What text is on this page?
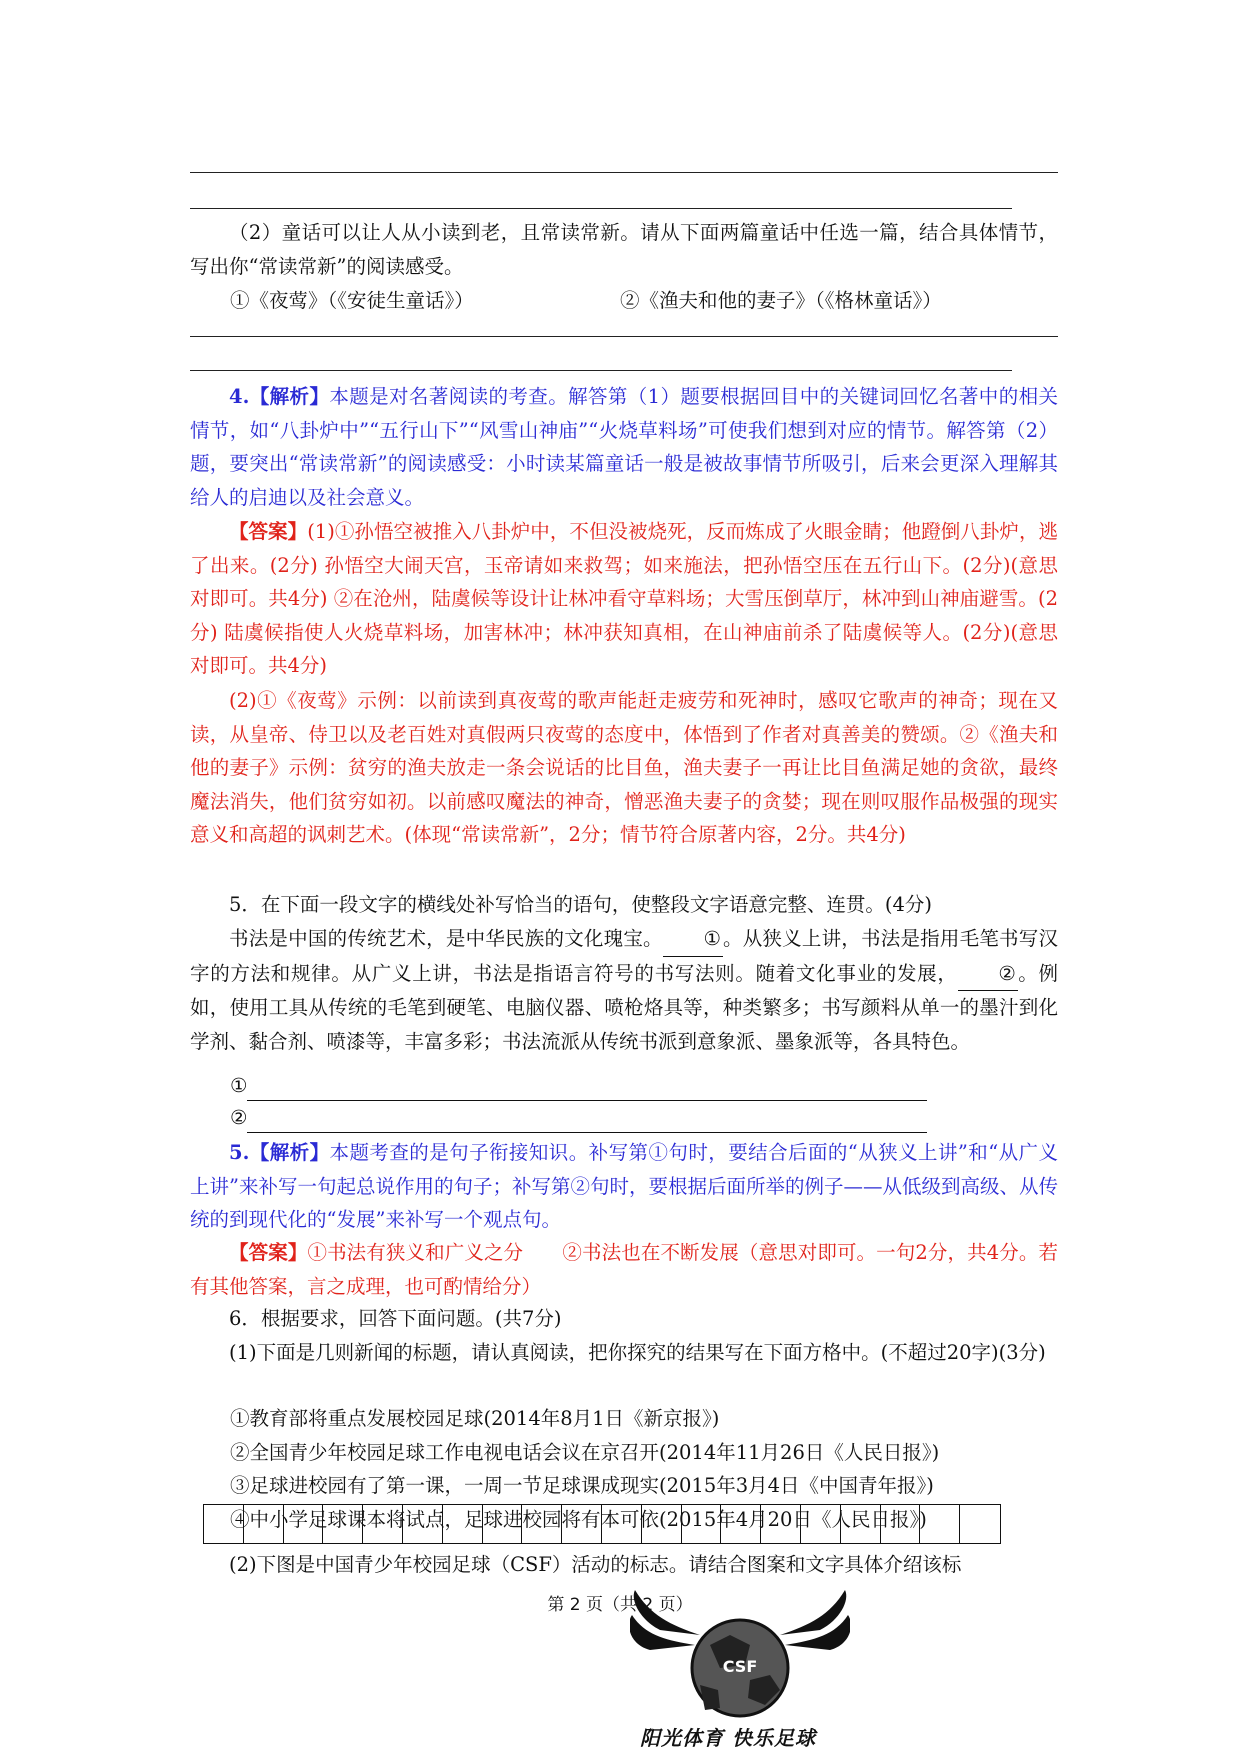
（2）童话可以让人从小读到老，且常读常新。请从下面两篇童话中任选一篇，结合具体情节，写出你“常读常新”的阅读感受。

①《夜莺》（《安徒生童话》）	②《渔夫和他的妻子》（《格林童话》）

4.【解析】本题是对名著阅读的考查。解答第（1）题要根据回目中的关键词回忆名著中的相关情节，如“八卦炉中”“五行山下”“风雪山神庙”“火烧草料场”可使我们想到对应的情节。解答第（2）题，要突出“常读常新”的阅读感受：小时读某篇童话一般是被故事情节所吸引，后来会更深入理解其给人的启迪以及社会意义。

【答案】(1)①孙悟空被推入八卦炉中，不但没被烧死，反而炼成了火眼金睛；他蹬倒八卦炉，逃了出来。(2分) 孙悟空大闹天宫，玉帝请如来救驾；如来施法，把孙悟空压在五行山下。(2分)(意思对即可。共4分) ②在沧州，陆虞候等设计让林冲看守草料场；大雪压倒草厅，林冲到山神庙避雪。(2分) 陆虞候指使人火烧草料场，加害林冲；林冲获知真相，在山神庙前杀了陆虞候等人。(2分)(意思对即可。共4分)

(2)①《夜莺》示例：以前读到真夜莺的歌声能赶走疲劳和死神时，感叹它歌声的神奇；现在又读，从皇帝、侍卫以及老百姓对真假两只夜莺的态度中，体悟到了作者对真善美的赞颂。②《渔夫和他的妻子》示例：贫穷的渔夫放走一条会说话的比目鱼，渔夫妻子一再让比目鱼满足她的贪欲，最终魔法消失，他们贫穷如初。以前感叹魔法的神奇，憎恶渔夫妻子的贪婪；现在则叹服作品极强的现实意义和高超的讽刺艺术。(体现“常读常新”，2分；情节符合原著内容，2分。共4分)

5．在下面一段文字的横线处补写恰当的语句，使整段文字语意完整、连贯。(4分)

书法是中国的传统艺术，是中华民族的文化瑰宝。 ①。从狭义上讲，书法是指用毛笔书写汉字的方法和规律。从广义上讲，书法是指语言符号的书写法则。随着文化事业的发展， ②。例如，使用工具从传统的毛笔到硬笔、电脑仪器、喷枪烙具等，种类繁多；书写颜料从单一的墨汁到化学剂、黏合剂、喷漆等，丰富多彩；书法流派从传统书派到意象派、墨象派等，各具特色。

①
②

5.【解析】本题考查的是句子衔接知识。补写第①句时，要结合后面的“从狭义上讲”和“从广义上讲”来补写一句起总说作用的句子；补写第②句时，要根据后面所举的例子——从低级到高级、从传统的到现代化的“发展”来补写一个观点句。

【答案】①书法有狭义和广义之分　　②书法也在不断发展（意思对即可。一句2分，共4分。若有其他答案，言之成理，也可酌情给分）

6．根据要求，回答下面问题。(共7分)

(1)下面是几则新闻的标题，请认真阅读，把你探究的结果写在下面方格中。(不超过20字)(3分)

①教育部将重点发展校园足球(2014年8月1日《新京报》)
②全国青少年校园足球工作电视电话会议在京召开(2014年11月26日《人民日报》)
③足球进校园有了第一课，一周一节足球课成现实(2015年3月4日《中国青年报》)
④中小学足球课本将试点，足球进校园将有本可依(2015年4月20日《人民日报》)

(2)下图是中国青少年校园足球（CSF）活动的标志。请结合图案和文字具体介绍该标

第 2 页（共 2 页）
CSF
阳光体育 快乐足球
